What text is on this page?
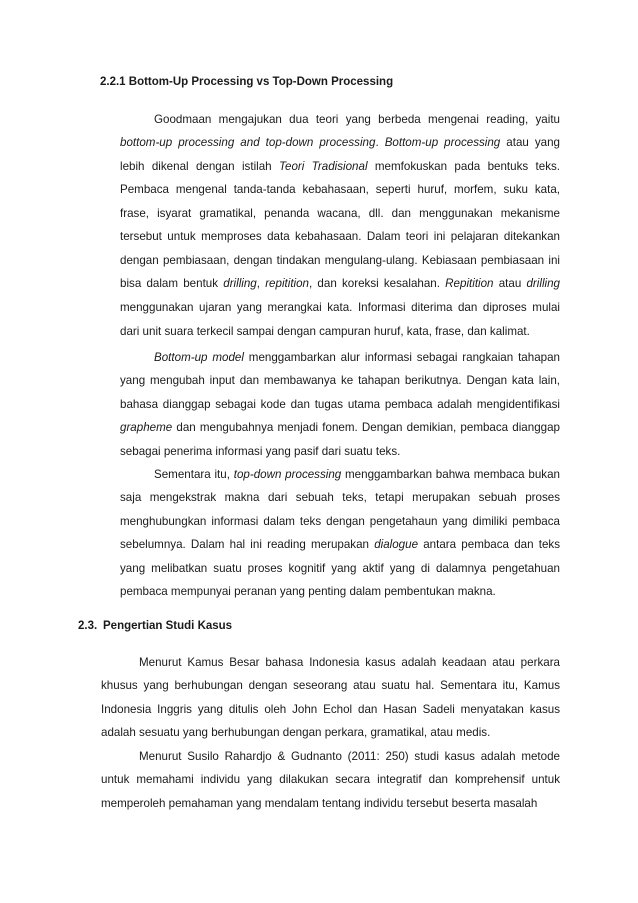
2.2.1 Bottom-Up Processing vs Top-Down Processing

Goodmaan mengajukan dua teori yang berbeda mengenai reading, yaitu bottom-up processing and top-down processing. Bottom-up processing atau yang lebih dikenal dengan istilah Teori Tradisional memfokuskan pada bentuks teks. Pembaca mengenal tanda-tanda kebahasaan, seperti huruf, morfem, suku kata, frase, isyarat gramatikal, penanda wacana, dll. dan menggunakan mekanisme tersebut untuk memproses data kebahasaan. Dalam teori ini pelajaran ditekankan dengan pembiasaan, dengan tindakan mengulang-ulang. Kebiasaan pembiasaan ini bisa dalam bentuk drilling, repitition, dan koreksi kesalahan. Repitition atau drilling menggunakan ujaran yang merangkai kata. Informasi diterima dan diproses mulai dari unit suara terkecil sampai dengan campuran huruf, kata, frase, dan kalimat.

Bottom-up model menggambarkan alur informasi sebagai rangkaian tahapan yang mengubah input dan membawanya ke tahapan berikutnya. Dengan kata lain, bahasa dianggap sebagai kode dan tugas utama pembaca adalah mengidentifikasi grapheme dan mengubahnya menjadi fonem. Dengan demikian, pembaca dianggap sebagai penerima informasi yang pasif dari suatu teks.

Sementara itu, top-down processing menggambarkan bahwa membaca bukan saja mengekstrak makna dari sebuah teks, tetapi merupakan sebuah proses menghubungkan informasi dalam teks dengan pengetahaun yang dimiliki pembaca sebelumnya. Dalam hal ini reading merupakan dialogue antara pembaca dan teks yang melibatkan suatu proses kognitif yang aktif yang di dalamnya pengetahuan pembaca mempunyai peranan yang penting dalam pembentukan makna.

2.3. Pengertian Studi Kasus

Menurut Kamus Besar bahasa Indonesia kasus adalah keadaan atau perkara khusus yang berhubungan dengan seseorang atau suatu hal. Sementara itu, Kamus Indonesia Inggris yang ditulis oleh John Echol dan Hasan Sadeli menyatakan kasus adalah sesuatu yang berhubungan dengan perkara, gramatikal, atau medis.

Menurut Susilo Rahardjo & Gudnanto (2011: 250) studi kasus adalah metode untuk memahami individu yang dilakukan secara integratif dan komprehensif untuk memperoleh pemahaman yang mendalam tentang individu tersebut beserta masalah
